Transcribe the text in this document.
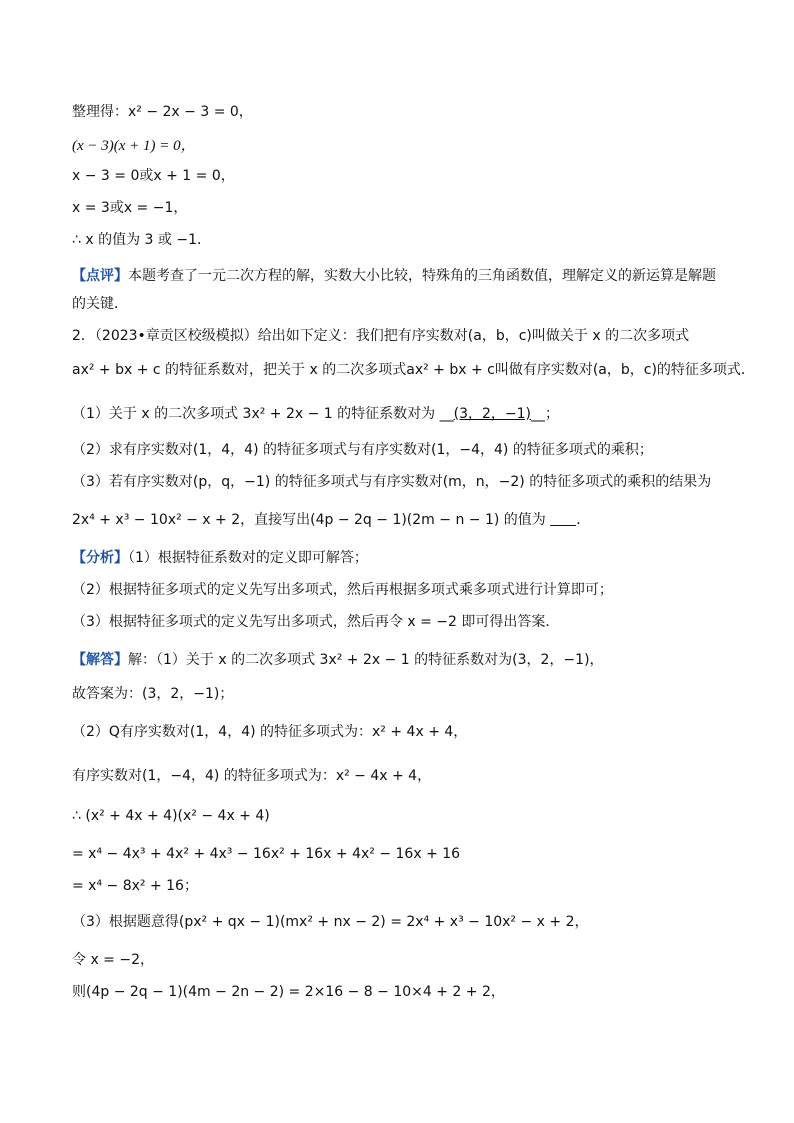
整理得：x² − 2x − 3 = 0，
(x − 3)(x + 1) = 0，
x − 3 = 0或x + 1 = 0，
x = 3或x = −1，
∴ x 的值为 3 或 −1．
【点评】本题考查了一元二次方程的解，实数大小比较，特殊角的三角函数值，理解定义的新运算是解题的关键．
2．（2023•章贡区校级模拟）给出如下定义：我们把有序实数对(a，b，c)叫做关于 x 的二次多项式
ax² + bx + c 的特征系数对，把关于 x 的二次多项式ax² + bx + c叫做有序实数对(a，b，c)的特征多项式．
（1）关于 x 的二次多项式 3x² + 2x − 1 的特征系数对为 __(3，2，−1)__；
（2）求有序实数对(1，4，4) 的特征多项式与有序实数对(1，−4，4) 的特征多项式的乘积；
（3）若有序实数对(p，q，−1) 的特征多项式与有序实数对(m，n，−2) 的特征多项式的乘积的结果为
2x⁴ + x³ − 10x² − x + 2，直接写出(4p − 2q − 1)(2m − n − 1) 的值为 ．
【分析】（1）根据特征系数对的定义即可解答；
（2）根据特征多项式的定义先写出多项式，然后再根据多项式乘多项式进行计算即可；
（3）根据特征多项式的定义先写出多项式，然后再令 x = −2 即可得出答案．
【解答】解：（1）关于 x 的二次多项式 3x² + 2x − 1 的特征系数对为(3，2，−1)，
故答案为：(3，2，−1)；
（2）Q有序实数对(1，4，4) 的特征多项式为：x² + 4x + 4，
有序实数对(1，−4，4) 的特征多项式为：x² − 4x + 4，
∴ (x² + 4x + 4)(x² − 4x + 4)
= x⁴ − 4x³ + 4x² + 4x³ − 16x² + 16x + 4x² − 16x + 16
= x⁴ − 8x² + 16；
（3）根据题意得(px² + qx − 1)(mx² + nx − 2) = 2x⁴ + x³ − 10x² − x + 2，
令 x = −2，
则(4p − 2q − 1)(4m − 2n − 2) = 2×16 − 8 − 10×4 + 2 + 2，
